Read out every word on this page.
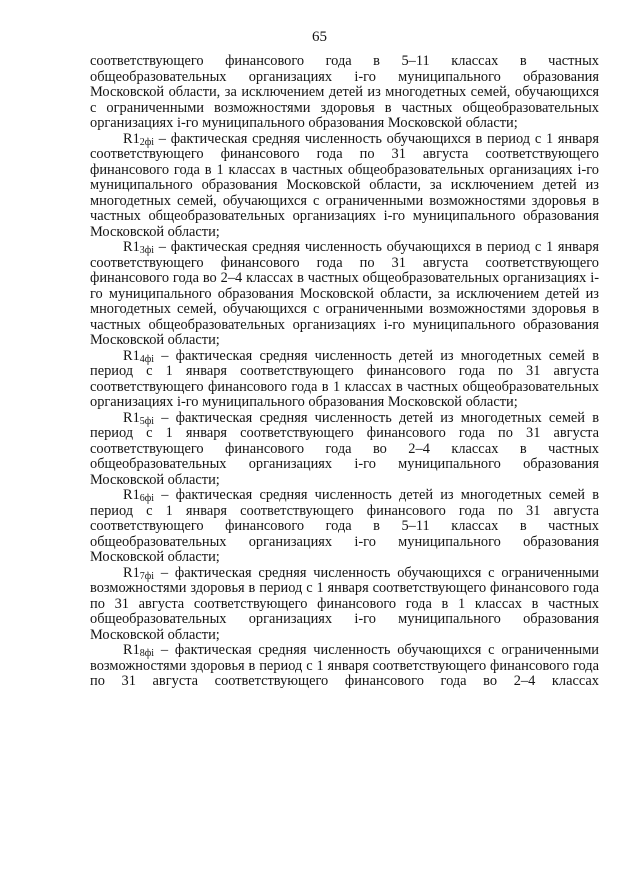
65

соответствующего финансового года в 5–11 классах в частных общеобразовательных организациях i-го муниципального образования Московской области, за исключением детей из многодетных семей, обучающихся с ограниченными возможностями здоровья в частных общеобразовательных организациях i-го муниципального образования Московской области;

$R1_{2фi}$ – фактическая средняя численность обучающихся в период с 1 января соответствующего финансового года по 31 августа соответствующего финансового года в 1 классах в частных общеобразовательных организациях i-го муниципального образования Московской области, за исключением детей из многодетных семей, обучающихся с ограниченными возможностями здоровья в частных общеобразовательных организациях i-го муниципального образования Московской области;

$R1_{3фi}$ – фактическая средняя численность обучающихся в период с 1 января соответствующего финансового года по 31 августа соответствующего финансового года во 2–4 классах в частных общеобразовательных организациях i-го муниципального образования Московской области, за исключением детей из многодетных семей, обучающихся с ограниченными возможностями здоровья в частных общеобразовательных организациях i-го муниципального образования Московской области;

$R1_{4фi}$ – фактическая средняя численность детей из многодетных семей в период с 1 января соответствующего финансового года по 31 августа соответствующего финансового года в 1 классах в частных общеобразовательных организациях i-го муниципального образования Московской области;

$R1_{5фi}$ – фактическая средняя численность детей из многодетных семей в период с 1 января соответствующего финансового года по 31 августа соответствующего финансового года во 2–4 классах в частных общеобразовательных организациях i-го муниципального образования Московской области;

$R1_{6фi}$ – фактическая средняя численность детей из многодетных семей в период с 1 января соответствующего финансового года по 31 августа соответствующего финансового года в 5–11 классах в частных общеобразовательных организациях i-го муниципального образования Московской области;

$R1_{7фi}$ – фактическая средняя численность обучающихся с ограниченными возможностями здоровья в период с 1 января соответствующего финансового года по 31 августа соответствующего финансового года в 1 классах в частных общеобразовательных организациях i-го муниципального образования Московской области;

$R1_{8фi}$ – фактическая средняя численность обучающихся с ограниченными возможностями здоровья в период с 1 января соответствующего финансового года по 31 августа соответствующего финансового года во 2–4 классах
